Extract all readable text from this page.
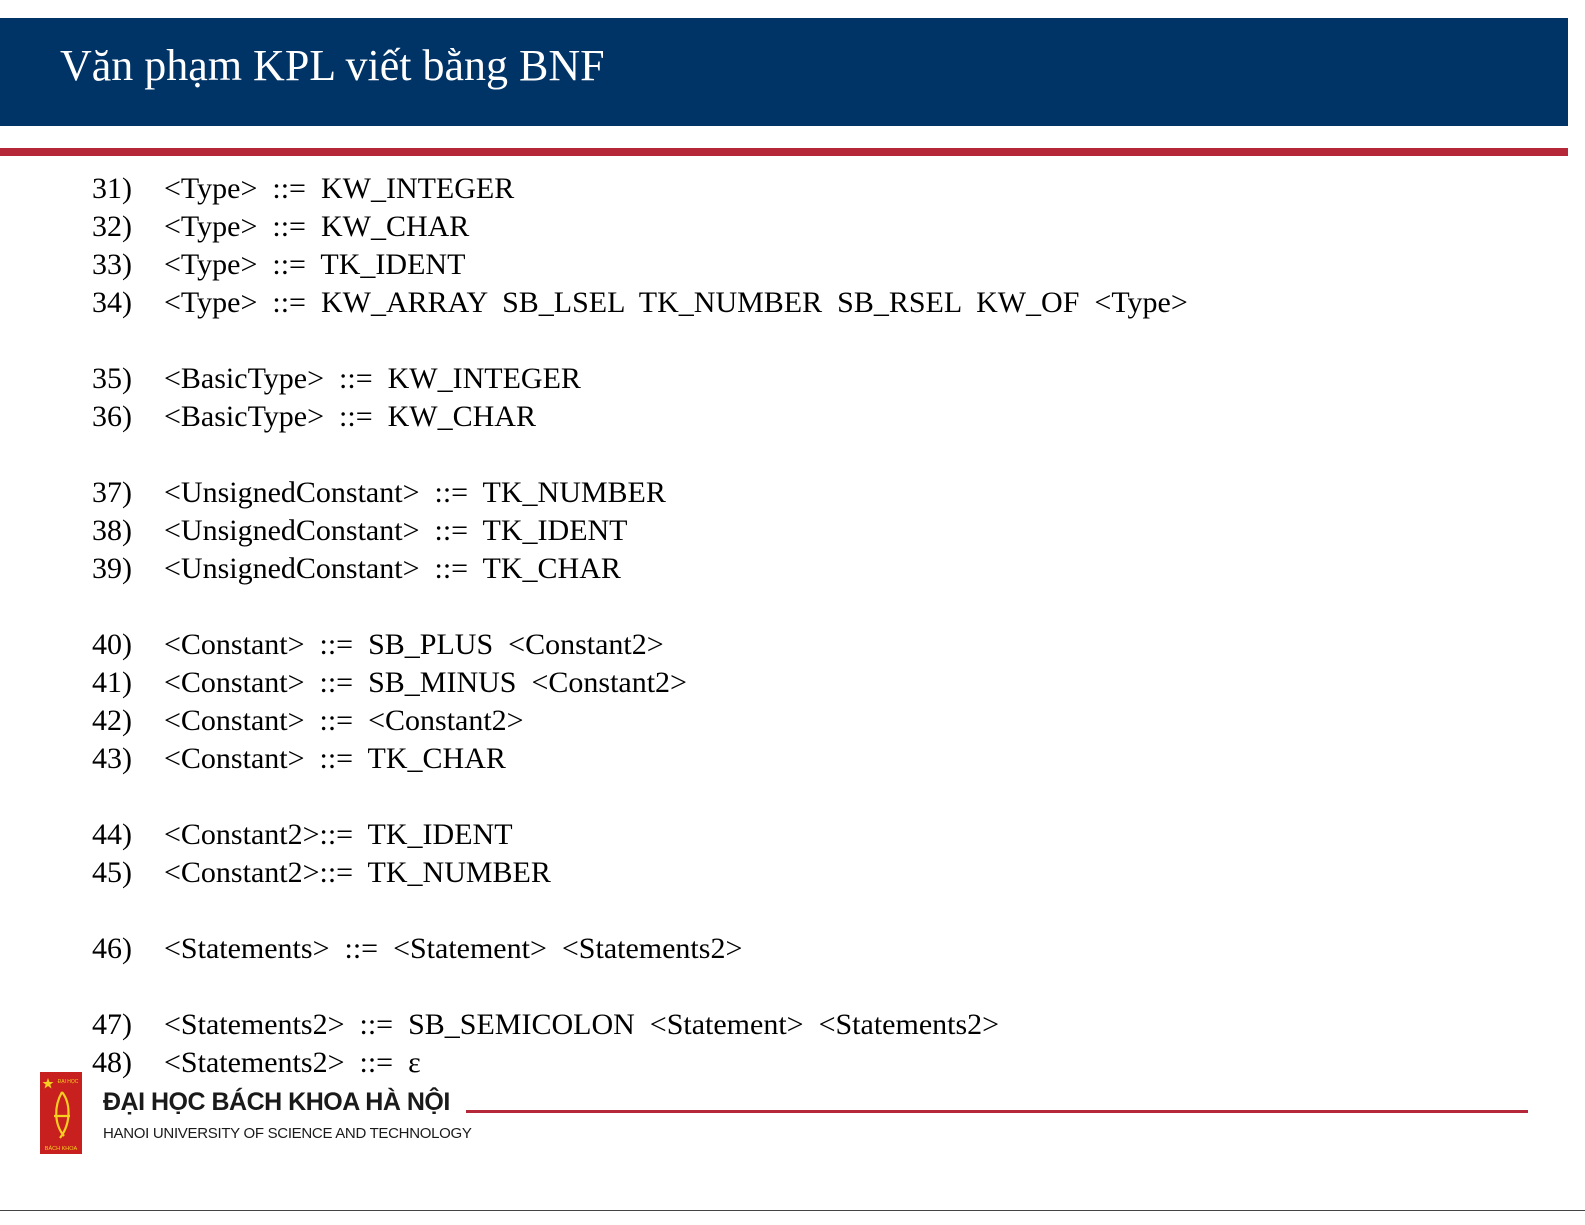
Văn phạm KPL viết bằng BNF
31) <Type>  ::=  KW_INTEGER
32) <Type>  ::=  KW_CHAR
33) <Type>  ::=  TK_IDENT
34) <Type>  ::=  KW_ARRAY  SB_LSEL  TK_NUMBER  SB_RSEL  KW_OF  <Type>
35) <BasicType>  ::=  KW_INTEGER
36) <BasicType>  ::=  KW_CHAR
37) <UnsignedConstant>  ::=  TK_NUMBER
38) <UnsignedConstant>  ::=  TK_IDENT
39) <UnsignedConstant>  ::=  TK_CHAR
40) <Constant>  ::=  SB_PLUS  <Constant2>
41) <Constant>  ::=  SB_MINUS  <Constant2>
42) <Constant>  ::=  <Constant2>
43) <Constant>  ::=  TK_CHAR
44) <Constant2>::=  TK_IDENT
45) <Constant2>::=  TK_NUMBER
46) <Statements>  ::=  <Statement>  <Statements2>
47) <Statements2>  ::=  SB_SEMICOLON  <Statement>  <Statements2>
48) <Statements2>  ::=  ε
ĐẠI HỌC
BÁCH KHOA
ĐẠI HỌC BÁCH KHOA HÀ NỘI
HANOI UNIVERSITY OF SCIENCE AND TECHNOLOGY
